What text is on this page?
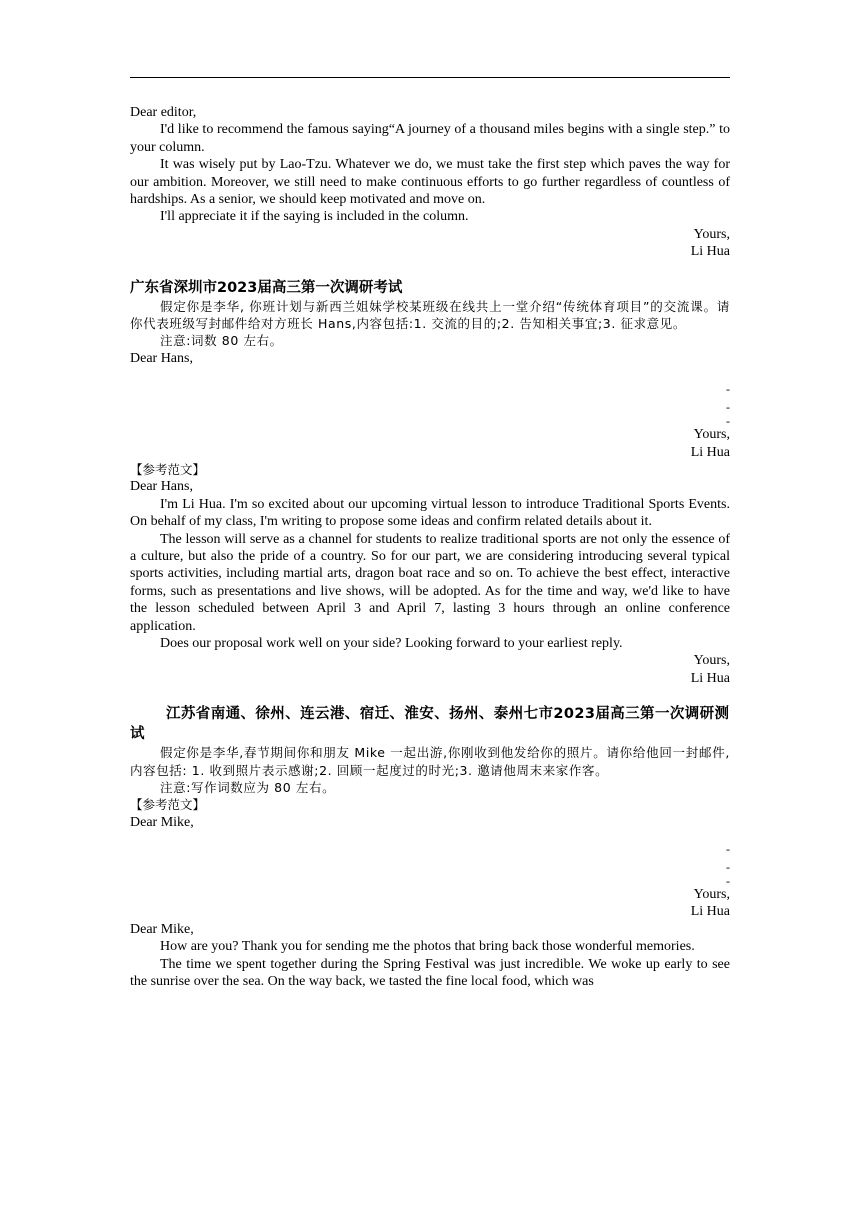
Dear editor,

I'd like to recommend the famous saying“A journey of a thousand miles begins with a single step.” to your column.

It was wisely put by Lao-Tzu. Whatever we do, we must take the first step which paves the way for our ambition. Moreover, we still need to make continuous efforts to go further regardless of countless of hardships. As a senior, we should keep motivated and move on.

I'll appreciate it if the saying is included in the column.

Yours,

Li Hua

广东省深圳市2023届高三第一次调研考试

假定你是李华, 你班计划与新西兰姐妹学校某班级在线共上一堂介绍“传统体育项目”的交流课。请你代表班级写封邮件给对方班长 Hans,内容包括:1. 交流的目的;2. 告知相关事宜;3. 征求意见。

注意:词数 80 左右。

Dear Hans,

-

-

-

Yours,

Li Hua

【参考范文】

Dear Hans,

I'm Li Hua. I'm so excited about our upcoming virtual lesson to introduce Traditional Sports Events. On behalf of my class, I'm writing to propose some ideas and confirm related details about it.

The lesson will serve as a channel for students to realize traditional sports are not only the essence of a culture, but also the pride of a country. So for our part, we are considering introducing several typical sports activities, including martial arts, dragon boat race and so on. To achieve the best effect, interactive forms, such as presentations and live shows, will be adopted. As for the time and way, we'd like to have the lesson scheduled between April 3 and April 7, lasting 3 hours through an online conference application.

Does our proposal work well on your side? Looking forward to your earliest reply.

Yours,

Li Hua

江苏省南通、徐州、连云港、宿迁、淮安、扬州、泰州七市2023届高三第一次调研测试

假定你是李华,春节期间你和朋友 Mike 一起出游,你刚收到他发给你的照片。请你给他回一封邮件,内容包括: 1. 收到照片表示感谢;2. 回顾一起度过的时光;3. 邀请他周末来家作客。

注意:写作词数应为 80 左右。

【参考范文】

Dear Mike,

-

-

-

Yours,

Li Hua

Dear Mike,

How are you? Thank you for sending me the photos that bring back those wonderful memories.

The time we spent together during the Spring Festival was just incredible. We woke up early to see the sunrise over the sea. On the way back, we tasted the fine local food, which was
